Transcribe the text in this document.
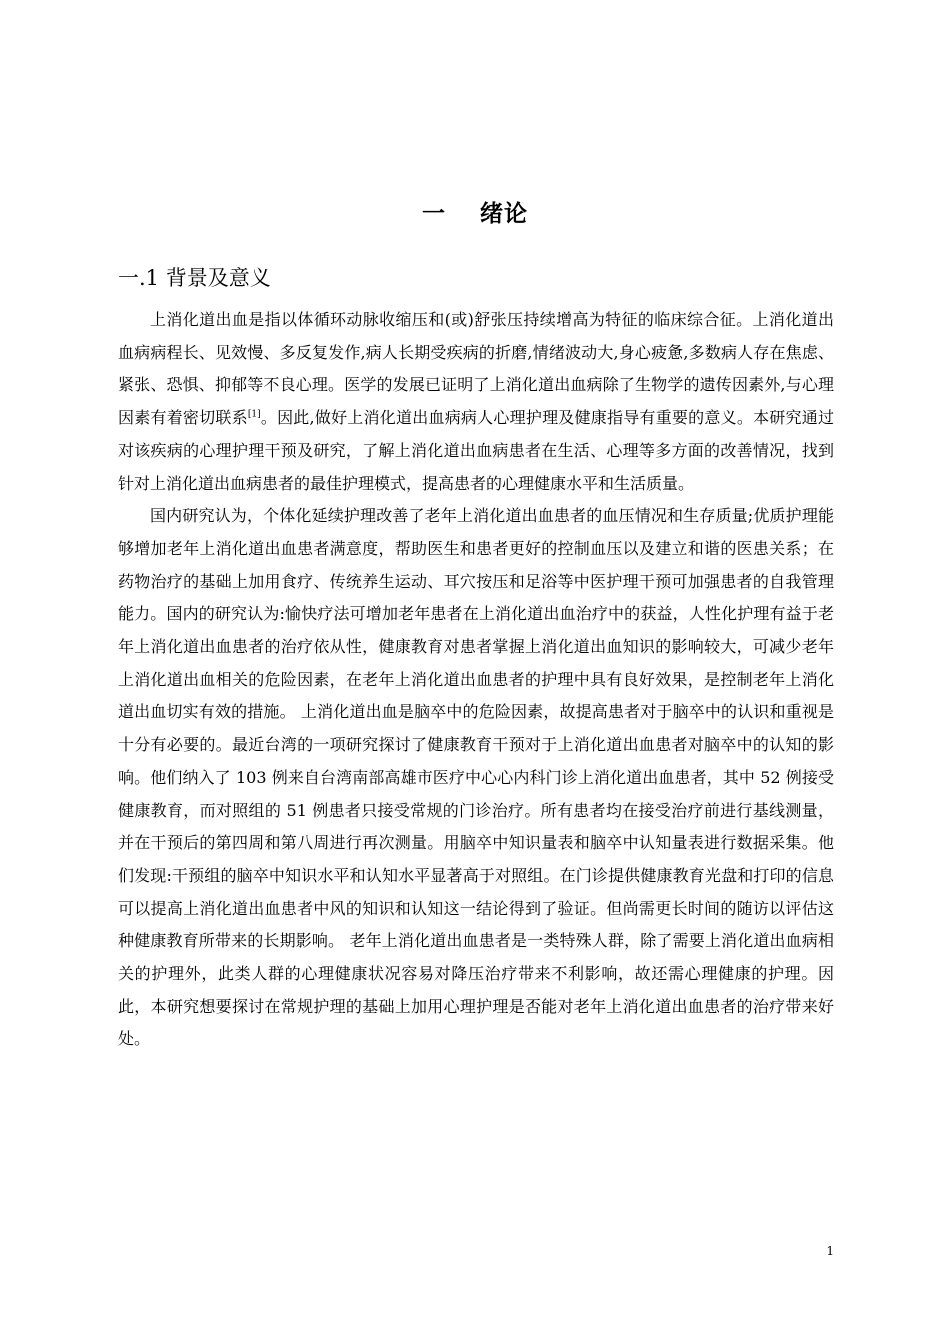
一 绪论
一.1 背景及意义

上消化道出血是指以体循环动脉收缩压和(或)舒张压持续增高为特征的临床综合征。上消化道出血病病程长、见效慢、多反复发作,病人长期受疾病的折磨,情绪波动大,身心疲惫,多数病人存在焦虑、紧张、恐惧、抑郁等不良心理。医学的发展已证明了上消化道出血病除了生物学的遗传因素外,与心理因素有着密切联系[1]。因此,做好上消化道出血病病人心理护理及健康指导有重要的意义。本研究通过对该疾病的心理护理干预及研究，了解上消化道出血病患者在生活、心理等多方面的改善情况，找到针对上消化道出血病患者的最佳护理模式，提高患者的心理健康水平和生活质量。

国内研究认为，个体化延续护理改善了老年上消化道出血患者的血压情况和生存质量;优质护理能够增加老年上消化道出血患者满意度，帮助医生和患者更好的控制血压以及建立和谐的医患关系；在药物治疗的基础上加用食疗、传统养生运动、耳穴按压和足浴等中医护理干预可加强患者的自我管理能力。国内的研究认为:愉快疗法可增加老年患者在上消化道出血治疗中的获益，人性化护理有益于老年上消化道出血患者的治疗依从性，健康教育对患者掌握上消化道出血知识的影响较大，可减少老年上消化道出血相关的危险因素，在老年上消化道出血患者的护理中具有良好效果，是控制老年上消化道出血切实有效的措施。 上消化道出血是脑卒中的危险因素，故提高患者对于脑卒中的认识和重视是十分有必要的。最近台湾的一项研究探讨了健康教育干预对于上消化道出血患者对脑卒中的认知的影响。他们纳入了 103 例来自台湾南部高雄市医疗中心心内科门诊上消化道出血患者，其中 52 例接受健康教育，而对照组的 51 例患者只接受常规的门诊治疗。所有患者均在接受治疗前进行基线测量，并在干预后的第四周和第八周进行再次测量。用脑卒中知识量表和脑卒中认知量表进行数据采集。他们发现:干预组的脑卒中知识水平和认知水平显著高于对照组。在门诊提供健康教育光盘和打印的信息可以提高上消化道出血患者中风的知识和认知这一结论得到了验证。但尚需更长时间的随访以评估这种健康教育所带来的长期影响。 老年上消化道出血患者是一类特殊人群，除了需要上消化道出血病相关的护理外，此类人群的心理健康状况容易对降压治疗带来不利影响，故还需心理健康的护理。因此，本研究想要探讨在常规护理的基础上加用心理护理是否能对老年上消化道出血患者的治疗带来好处。

1
